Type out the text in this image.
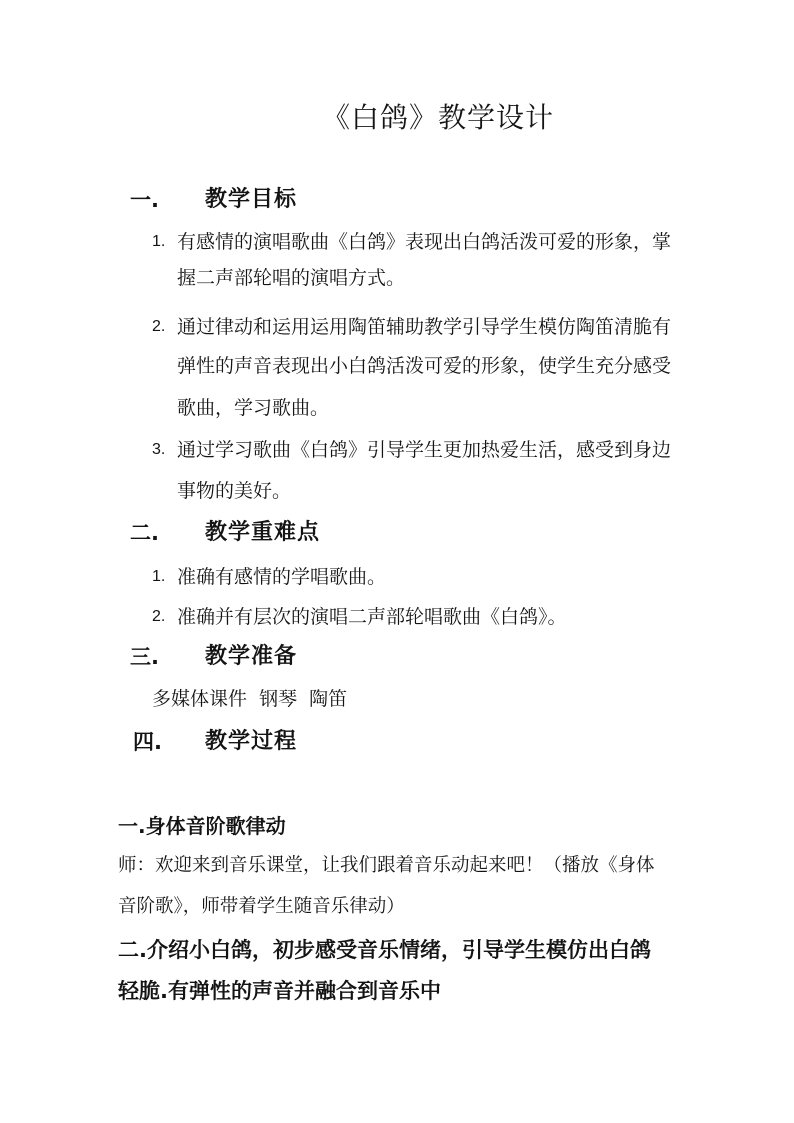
《白鸽》教学设计
一. 教学目标
1. 有感情的演唱歌曲《白鸽》表现出白鸽活泼可爱的形象，掌
握二声部轮唱的演唱方式。
2. 通过律动和运用运用陶笛辅助教学引导学生模仿陶笛清脆有
弹性的声音表现出小白鸽活泼可爱的形象，使学生充分感受
歌曲，学习歌曲。
3. 通过学习歌曲《白鸽》引导学生更加热爱生活，感受到身边
事物的美好。
二. 教学重难点
1. 准确有感情的学唱歌曲。
2. 准确并有层次的演唱二声部轮唱歌曲《白鸽》。
三. 教学准备
多媒体课件  钢琴  陶笛
四. 教学过程
一.身体音阶歌律动
师：欢迎来到音乐课堂，让我们跟着音乐动起来吧！（播放《身体
音阶歌》，师带着学生随音乐律动）
二.介绍小白鸽，初步感受音乐情绪，引导学生模仿出白鸽
轻脆.有弹性的声音并融合到音乐中
